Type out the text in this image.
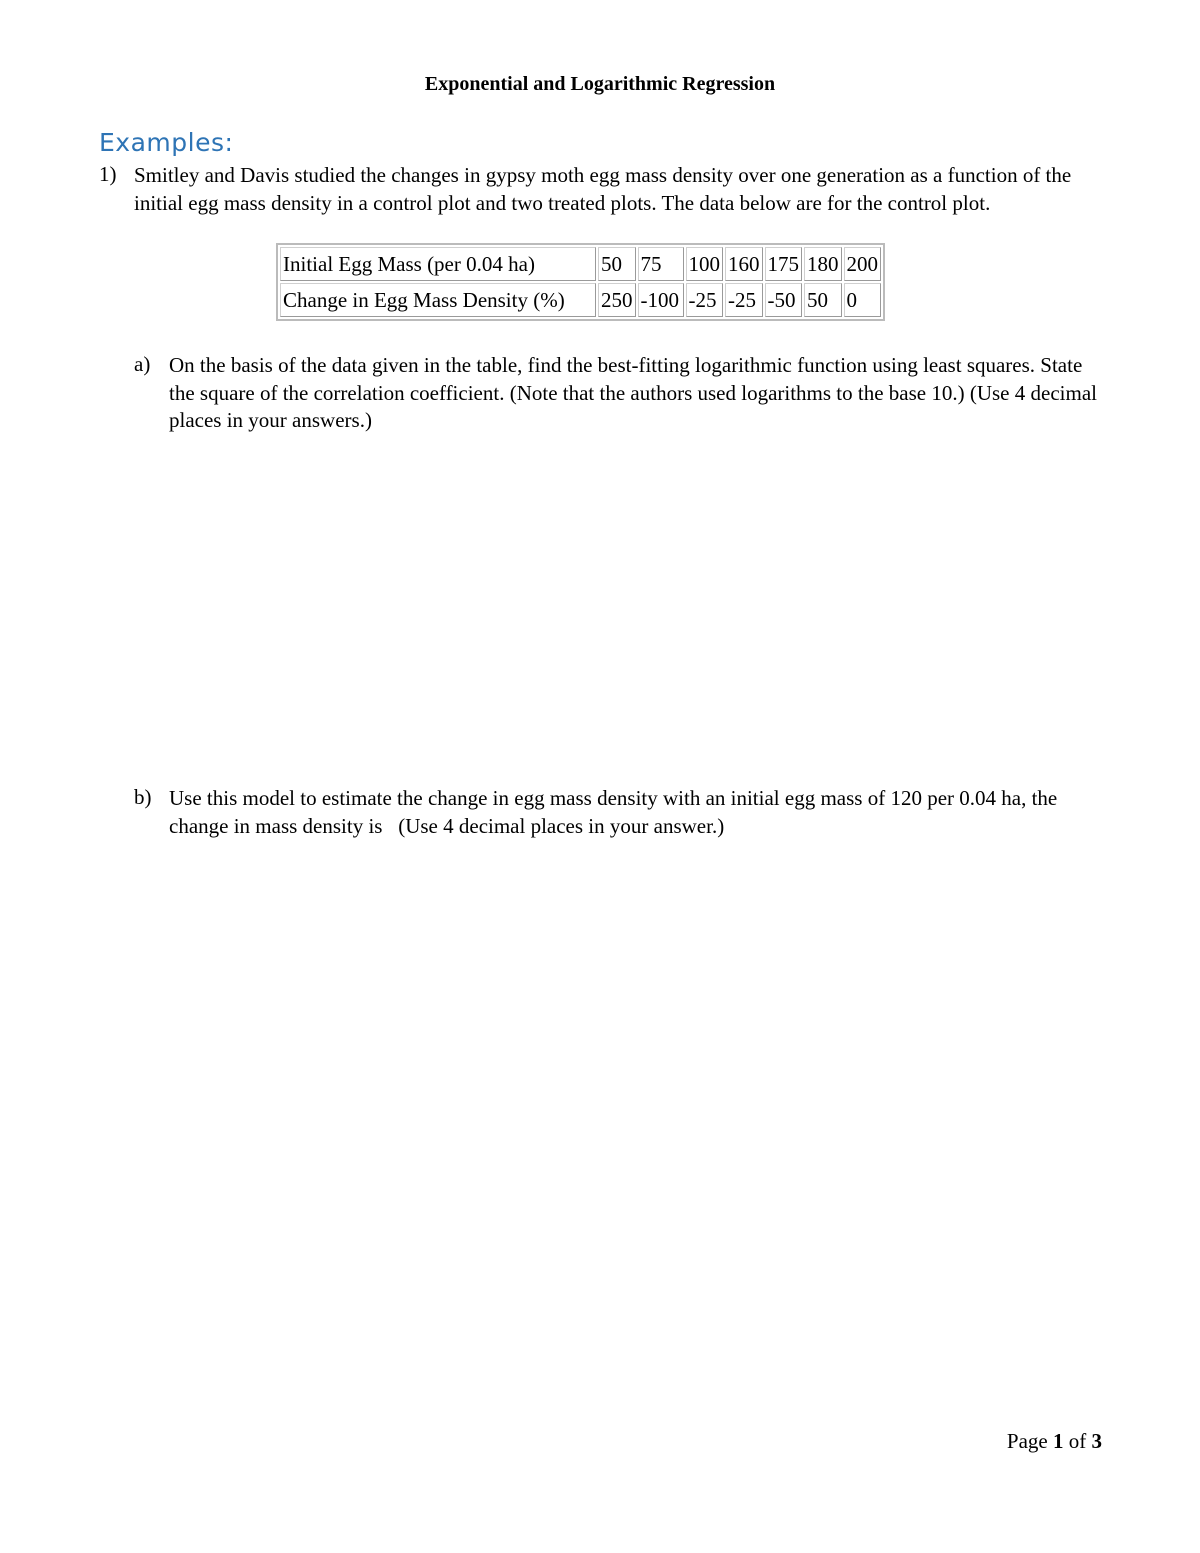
Exponential and Logarithmic Regression
Examples:
1) Smitley and Davis studied the changes in gypsy moth egg mass density over one generation as a function of the initial egg mass density in a control plot and two treated plots. The data below are for the control plot.
Initial Egg Mass (per 0.04 ha)	50	75	100	160	175	180	200
Change in Egg Mass Density (%)	250	-100	-25	-25	-50	50	0
a) On the basis of the data given in the table, find the best-fitting logarithmic function using least squares. State the square of the correlation coefficient. (Note that the authors used logarithms to the base 10.) (Use 4 decimal places in your answers.)
b) Use this model to estimate the change in egg mass density with an initial egg mass of 120 per 0.04 ha, the change in mass density is   (Use 4 decimal places in your answer.)
Page 1 of 3
